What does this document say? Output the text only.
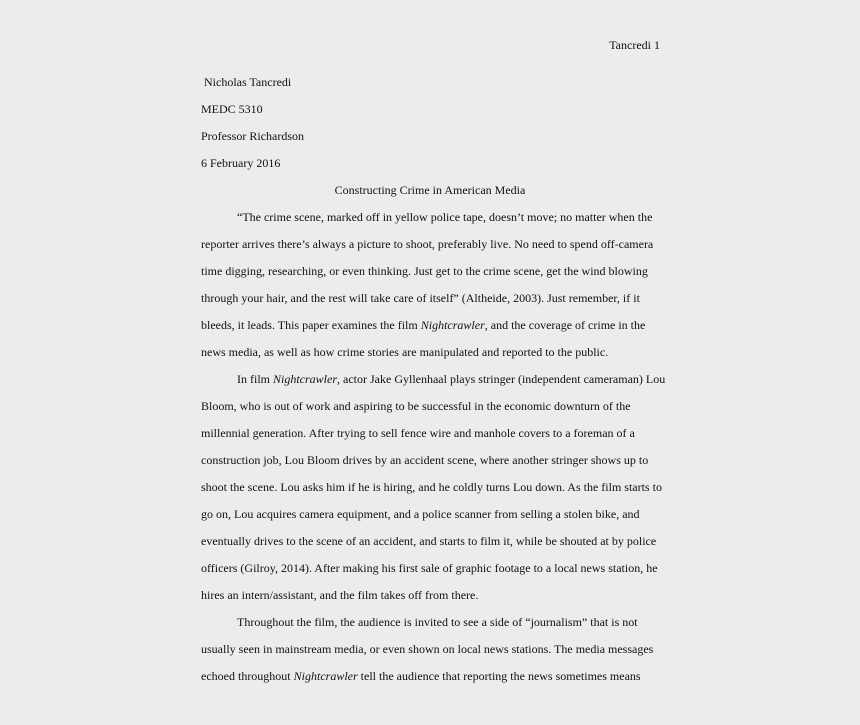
Tancredi 1
Nicholas Tancredi
MEDC 5310
Professor Richardson
6 February 2016
Constructing Crime in American Media
“The crime scene, marked off in yellow police tape, doesn’t move; no matter when the
reporter arrives there’s always a picture to shoot, preferably live. No need to spend off-camera
time digging, researching, or even thinking. Just get to the crime scene, get the wind blowing
through your hair, and the rest will take care of itself” (Altheide, 2003). Just remember, if it
bleeds, it leads. This paper examines the film Nightcrawler, and the coverage of crime in the
news media, as well as how crime stories are manipulated and reported to the public.
In film Nightcrawler, actor Jake Gyllenhaal plays stringer (independent cameraman) Lou
Bloom, who is out of work and aspiring to be successful in the economic downturn of the
millennial generation. After trying to sell fence wire and manhole covers to a foreman of a
construction job, Lou Bloom drives by an accident scene, where another stringer shows up to
shoot the scene. Lou asks him if he is hiring, and he coldly turns Lou down. As the film starts to
go on, Lou acquires camera equipment, and a police scanner from selling a stolen bike, and
eventually drives to the scene of an accident, and starts to film it, while be shouted at by police
officers (Gilroy, 2014). After making his first sale of graphic footage to a local news station, he
hires an intern/assistant, and the film takes off from there.
Throughout the film, the audience is invited to see a side of “journalism” that is not
usually seen in mainstream media, or even shown on local news stations. The media messages
echoed throughout Nightcrawler tell the audience that reporting the news sometimes means
